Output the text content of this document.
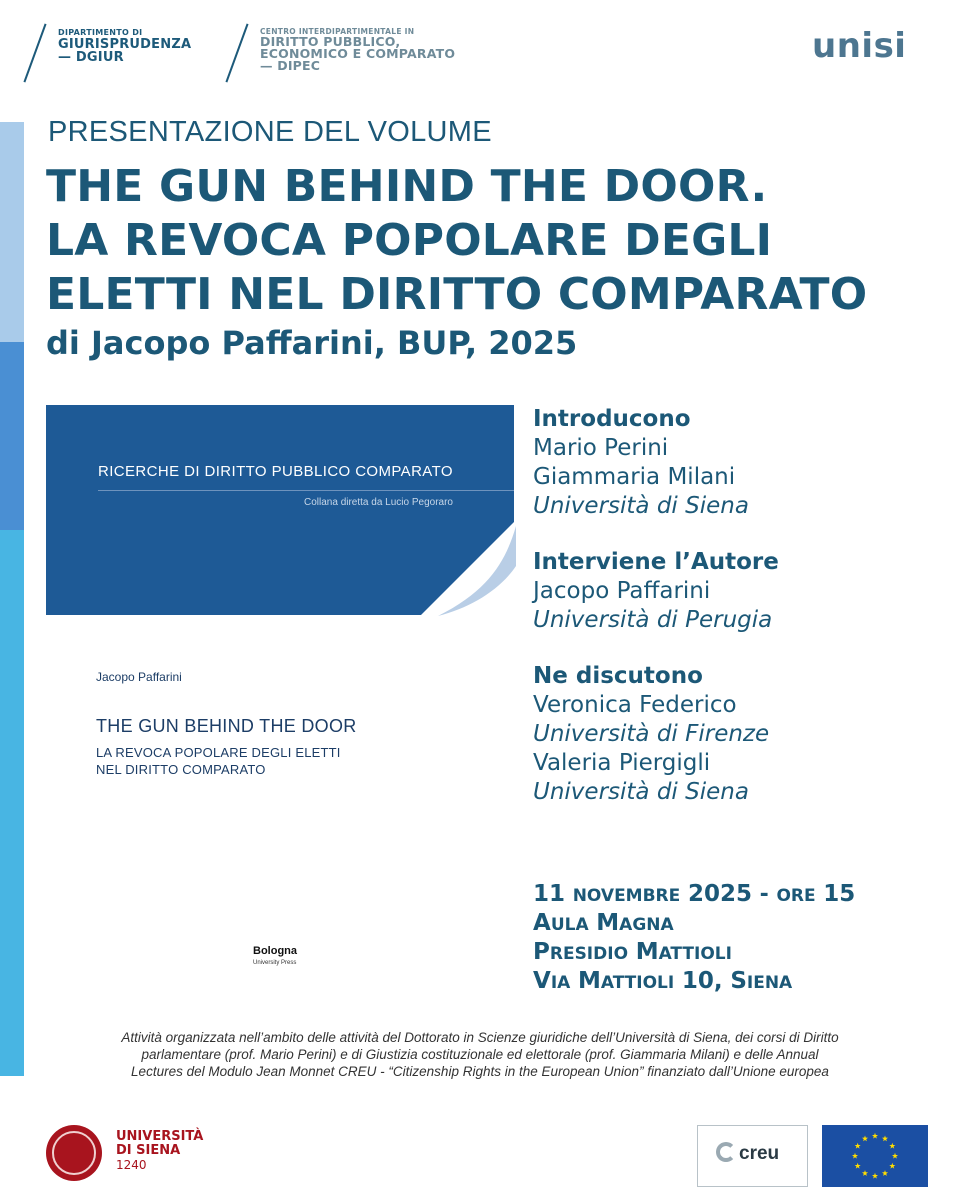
DIPARTIMENTO DI
GIURISPRUDENZA
— DGIUR
CENTRO INTERDIPARTIMENTALE IN
DIRITTO PUBBLICO,
ECONOMICO E COMPARATO
— DIPEC	unisi
PRESENTAZIONE DEL VOLUME
THE GUN BEHIND THE DOOR.
LA REVOCA POPOLARE DEGLI
ELETTI NEL DIRITTO COMPARATO
di Jacopo Paffarini, BUP, 2025
RICERCHE DI DIRITTO PUBBLICO COMPARATO
Collana diretta da Lucio Pegoraro
Jacopo Paffarini
THE GUN BEHIND THE DOOR
LA REVOCA POPOLARE DEGLI ELETTI
NEL DIRITTO COMPARATO
Bologna
University Press
Introducono
Mario Perini
Giammaria Milani
Università di Siena
Interviene l’Autore
Jacopo Paffarini
Università di Perugia
Ne discutono
Veronica Federico
Università di Firenze
Valeria Piergigli
Università di Siena
11 NOVEMBRE 2025 - ORE 15
AULA MAGNA
PRESIDIO MATTIOLI
VIA MATTIOLI 10, SIENA
Attività organizzata nell’ambito delle attività del Dottorato in Scienze giuridiche dell’Università di Siena, dei corsi di Diritto
parlamentare (prof. Mario Perini) e di Giustizia costituzionale ed elettorale (prof. Giammaria Milani) e delle Annual
Lectures del Modulo Jean Monnet CREU - “Citizenship Rights in the European Union” finanziato dall’Unione europea
UNIVERSITÀ
DI SIENA
1240
creu
